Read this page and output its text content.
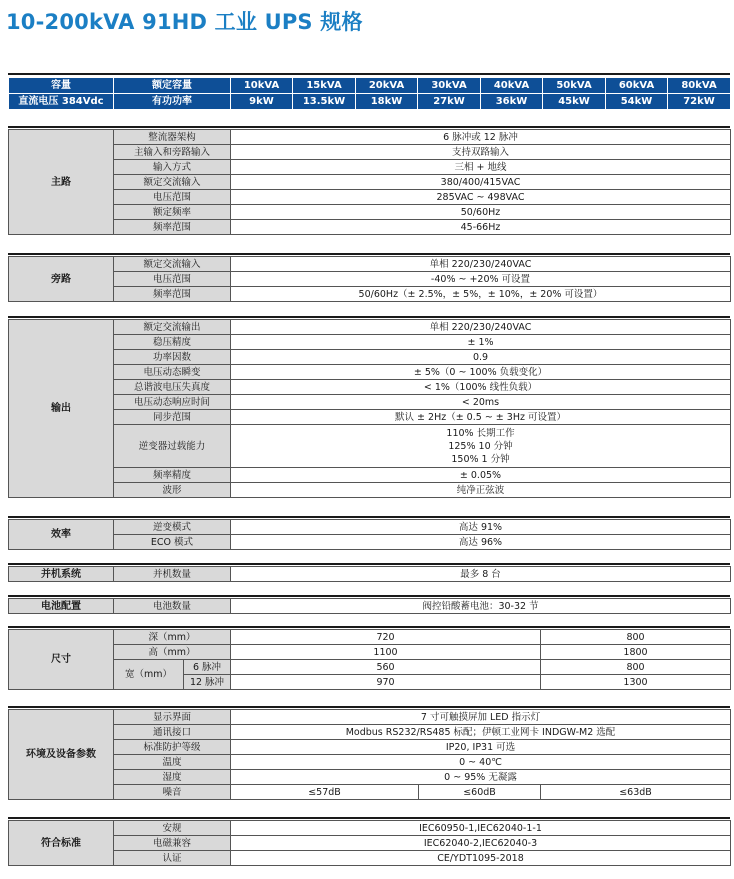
10-200kVA 91HD 工业 UPS 规格
容量	额定容量	10kVA	15kVA	20kVA	30kVA	40kVA	50kVA	60kVA	80kVA
直流电压 384Vdc	有功功率	9kW	13.5kW	18kW	27kW	36kW	45kW	54kW	72kW
主路	整流器架构	6 脉冲或 12 脉冲
	主输入和旁路输入	支持双路输入
	输入方式	三相 + 地线
	额定交流输入	380/400/415VAC
	电压范围	285VAC ~ 498VAC
	额定频率	50/60Hz
	频率范围	45-66Hz
旁路	额定交流输入	单相 220/230/240VAC
	电压范围	-40% ~ +20% 可设置
	频率范围	50/60Hz（± 2.5%，± 5%，± 10%，± 20% 可设置）
输出	额定交流输出	单相 220/230/240VAC
	稳压精度	± 1%
	功率因数	0.9
	电压动态瞬变	± 5%（0 ~ 100% 负载变化）
	总谐波电压失真度	< 1%（100% 线性负载）
	电压动态响应时间	< 20ms
	同步范围	默认 ± 2Hz（± 0.5 ~ ± 3Hz 可设置）
	逆变器过载能力	110% 长期工作
125% 10 分钟
150% 1 分钟

	频率精度	± 0.05%
	波形	纯净正弦波
效率	逆变模式	高达 91%
	ECO 模式	高达 96%
并机系统	并机数量	最多 8 台
电池配置	电池数量	阀控铅酸蓄电池：30-32 节
尺寸	深（mm）		720	800
	高（mm）		1100	1800
	宽（mm）	6 脉冲	560	800
		12 脉冲	970	1300
环境及设备参数	显示界面	7 寸可触摸屏加 LED 指示灯		
	通讯接口	Modbus RS232/RS485 标配；伊顿工业网卡 INDGW-M2 选配		
	标准防护等级	IP20, IP31 可选		
	温度	0 ~ 40℃		
	湿度	0 ~ 95% 无凝露		
	噪音	≤57dB	≤60dB	≤63dB
符合标准	安规	IEC60950-1,IEC62040-1-1
	电磁兼容	IEC62040-2,IEC62040-3
	认证	CE/YDT1095-2018
